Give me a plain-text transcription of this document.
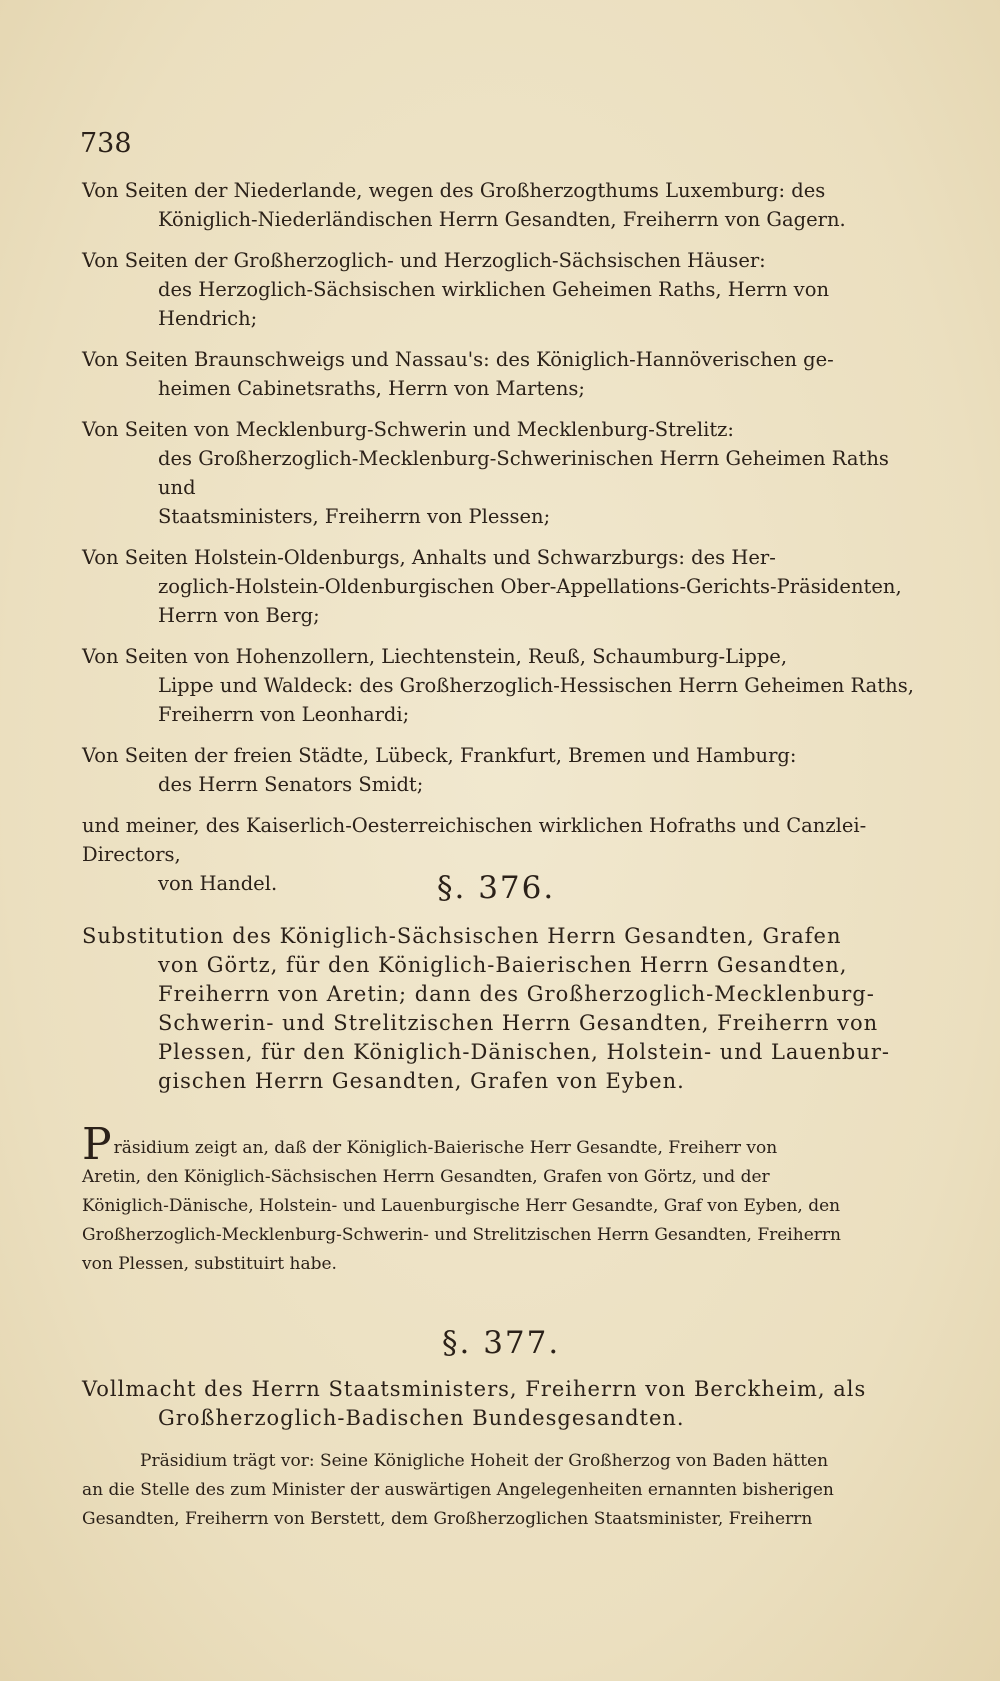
738
Von Seiten der Niederlande, wegen des Großherzogthums Luxemburg: des
Königlich-Niederländischen Herrn Gesandten, Freiherrn von Gagern.
Von Seiten der Großherzoglich- und Herzoglich-Sächsischen Häuser:
des Herzoglich-Sächsischen wirklichen Geheimen Raths, Herrn von Hendrich;
Von Seiten Braunschweigs und Nassau's: des Königlich-Hannöverischen ge-
heimen Cabinetsraths, Herrn von Martens;
Von Seiten von Mecklenburg-Schwerin und Mecklenburg-Strelitz:
des Großherzoglich-Mecklenburg-Schwerinischen Herrn Geheimen Raths und
Staatsministers, Freiherrn von Plessen;
Von Seiten Holstein-Oldenburgs, Anhalts und Schwarzburgs: des Her-
zoglich-Holstein-Oldenburgischen Ober-Appellations-Gerichts-Präsidenten,
Herrn von Berg;
Von Seiten von Hohenzollern, Liechtenstein, Reuß, Schaumburg-Lippe,
Lippe und Waldeck: des Großherzoglich-Hessischen Herrn Geheimen Raths,
Freiherrn von Leonhardi;
Von Seiten der freien Städte, Lübeck, Frankfurt, Bremen und Hamburg:
des Herrn Senators Smidt;
und meiner, des Kaiserlich-Oesterreichischen wirklichen Hofraths und Canzlei-Directors,
von Handel.	§. 376.
Substitution des Königlich-Sächsischen Herrn Gesandten, Grafen
von Görtz, für den Königlich-Baierischen Herrn Gesandten,
Freiherrn von Aretin; dann des Großherzoglich-Mecklenburg-
Schwerin- und Strelitzischen Herrn Gesandten, Freiherrn von
Plessen, für den Königlich-Dänischen, Holstein- und Lauenbur-
gischen Herrn Gesandten, Grafen von Eyben.

Präsidium zeigt an, daß der Königlich-Baierische Herr Gesandte, Freiherr von

Aretin, den Königlich-Sächsischen Herrn Gesandten, Grafen von Görtz, und der

Königlich-Dänische, Holstein- und Lauenburgische Herr Gesandte, Graf von Eyben, den

Großherzoglich-Mecklenburg-Schwerin- und Strelitzischen Herrn Gesandten, Freiherrn

von Plessen, substituirt habe.

§. 377.
Vollmacht des Herrn Staatsministers, Freiherrn von Berckheim, als
Großherzoglich-Badischen Bundesgesandten.

Präsidium trägt vor: Seine Königliche Hoheit der Großherzog von Baden hätten

an die Stelle des zum Minister der auswärtigen Angelegenheiten ernannten bisherigen

Gesandten, Freiherrn von Berstett, dem Großherzoglichen Staatsminister, Freiherrn
